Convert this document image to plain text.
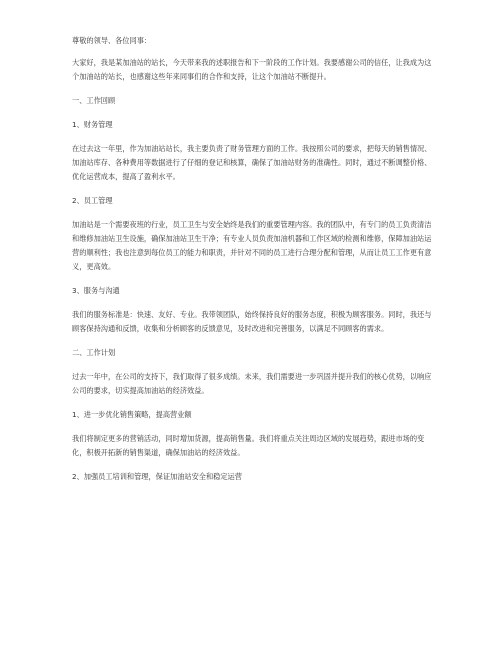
尊敬的领导、各位同事：

大家好，我是某加油站的站长，今天带来我的述职报告和下一阶段的工作计划。我要感谢公司的信任，让我成为这个加油站的站长，也感谢这些年来同事们的合作和支持，让这个加油站不断提升。

一、工作回顾

1、财务管理

在过去这一年里，作为加油站站长，我主要负责了财务管理方面的工作。我按照公司的要求，把每天的销售情况、加油站库存、各种费用等数据进行了仔细的登记和核算，确保了加油站财务的准确性。同时，通过不断调整价格、优化运营成本，提高了盈利水平。

2、员工管理

加油站是一个需要夜班的行业，员工卫生与安全始终是我们的重要管理内容。我的团队中，有专门的员工负责清洁和维修加油站卫生设施，确保加油站卫生干净；有专业人员负责加油机器和工作区域的检测和维修，保障加油站运营的顺利性；我也注意到每位员工的能力和职责，并针对不同的员工进行合理分配和管理，从而让员工工作更有意义，更高效。

3、服务与沟通

我们的服务标准是：快速、友好、专业。我带领团队，始终保持良好的服务态度，积极为顾客服务。同时，我还与顾客保持沟通和反馈，收集和分析顾客的反馈意见，及时改进和完善服务，以满足不同顾客的需求。

二、工作计划

过去一年中，在公司的支持下，我们取得了很多成绩。未来，我们需要进一步巩固并提升我们的核心优势，以响应公司的要求，切实提高加油站的经济效益。

1、进一步优化销售策略，提高营业额

我们将制定更多的营销活动，同时增加货源，提高销售量。我们将重点关注周边区域的发展趋势，跟进市场的变化，积极开拓新的销售渠道，确保加油站的经济效益。

2、加强员工培训和管理，保证加油站安全和稳定运营
